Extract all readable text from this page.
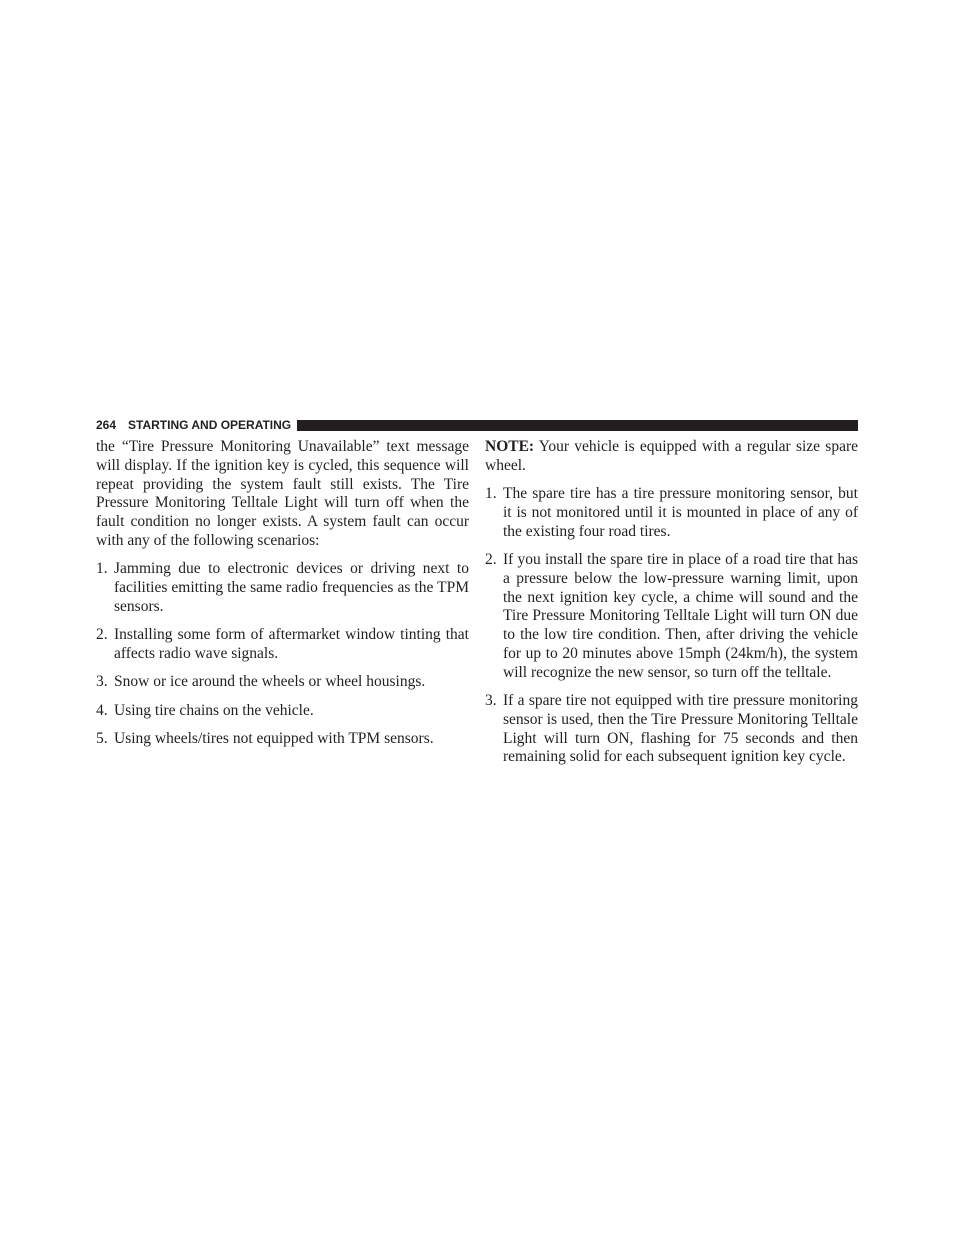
264 STARTING AND OPERATING

the “Tire Pressure Monitoring Unavailable” text message will display. If the ignition key is cycled, this sequence will repeat providing the system fault still exists. The Tire Pressure Monitoring Telltale Light will turn off when the fault condition no longer exists. A system fault can occur with any of the following scenarios:

1. Jamming due to electronic devices or driving next to facilities emitting the same radio frequencies as the TPM sensors.
2. Installing some form of aftermarket window tinting that affects radio wave signals.
3. Snow or ice around the wheels or wheel housings.
4. Using tire chains on the vehicle.
5. Using wheels/tires not equipped with TPM sensors.

NOTE: Your vehicle is equipped with a regular size spare wheel.

1. The spare tire has a tire pressure monitoring sensor, but it is not monitored until it is mounted in place of any of the existing four road tires.
2. If you install the spare tire in place of a road tire that has a pressure below the low-pressure warning limit, upon the next ignition key cycle, a chime will sound and the Tire Pressure Monitoring Telltale Light will turn ON due to the low tire condition. Then, after driving the vehicle for up to 20 minutes above 15mph (24km/h), the system will recognize the new sensor, so turn off the telltale.
3. If a spare tire not equipped with tire pressure monitoring sensor is used, then the Tire Pressure Monitoring Telltale Light will turn ON, flashing for 75 seconds and then remaining solid for each subsequent ignition key cycle.
